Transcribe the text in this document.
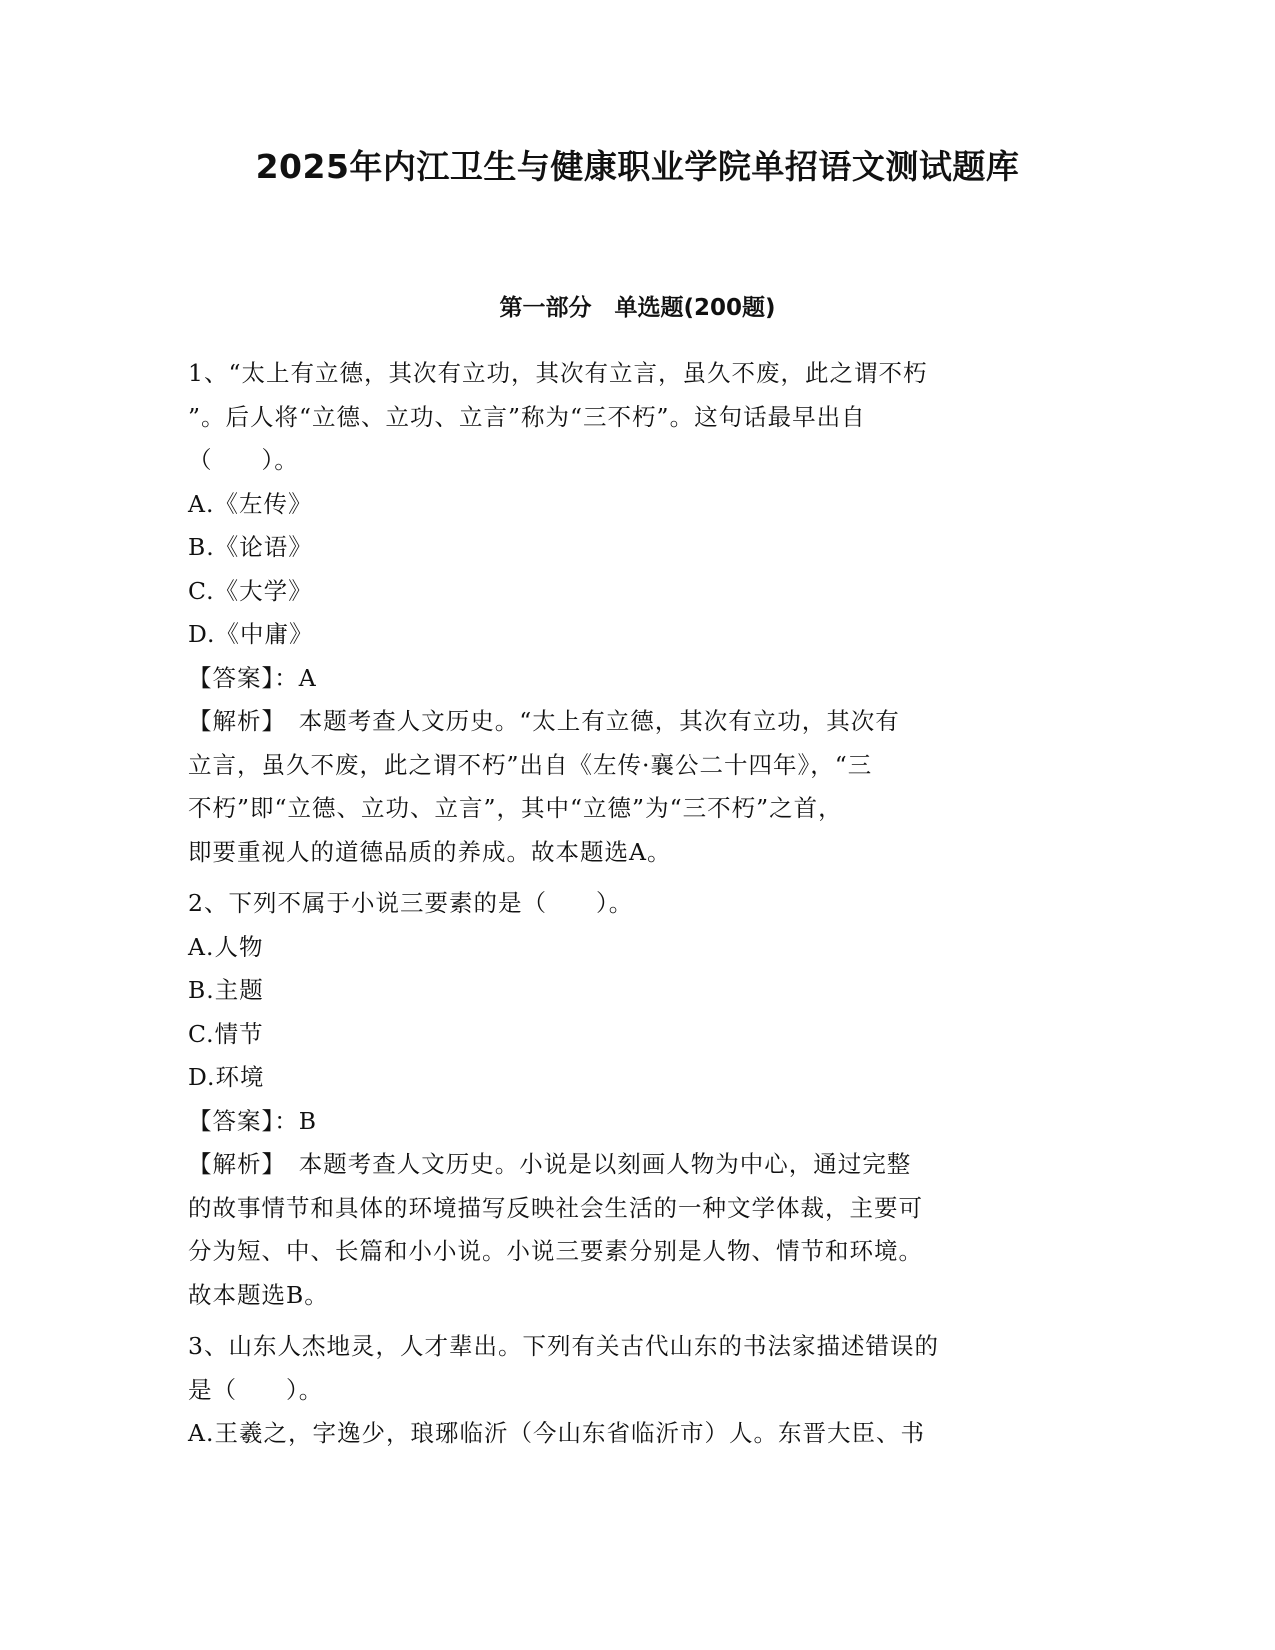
2025年内江卫生与健康职业学院单招语文测试题库
第一部分　单选题(200题)
1、“太上有立德，其次有立功，其次有立言，虽久不废，此之谓不朽
”。后人将“立德、立功、立言”称为“三不朽”。这句话最早出自
（　　）。
A.《左传》
B.《论语》
C.《大学》
D.《中庸》
【答案】：A
【解析】　本题考查人文历史。“太上有立德，其次有立功，其次有
立言，虽久不废，此之谓不朽”出自《左传·襄公二十四年》，“三
不朽”即“立德、立功、立言”，其中“立德”为“三不朽”之首，
即要重视人的道德品质的养成。故本题选A。
2、下列不属于小说三要素的是（　　）。
A.人物
B.主题
C.情节
D.环境
【答案】：B
【解析】　本题考查人文历史。小说是以刻画人物为中心，通过完整
的故事情节和具体的环境描写反映社会生活的一种文学体裁，主要可
分为短、中、长篇和小小说。小说三要素分别是人物、情节和环境。
故本题选B。
3、山东人杰地灵，人才辈出。下列有关古代山东的书法家描述错误的
是（　　）。
A.王羲之，字逸少，琅琊临沂（今山东省临沂市）人。东晋大臣、书
